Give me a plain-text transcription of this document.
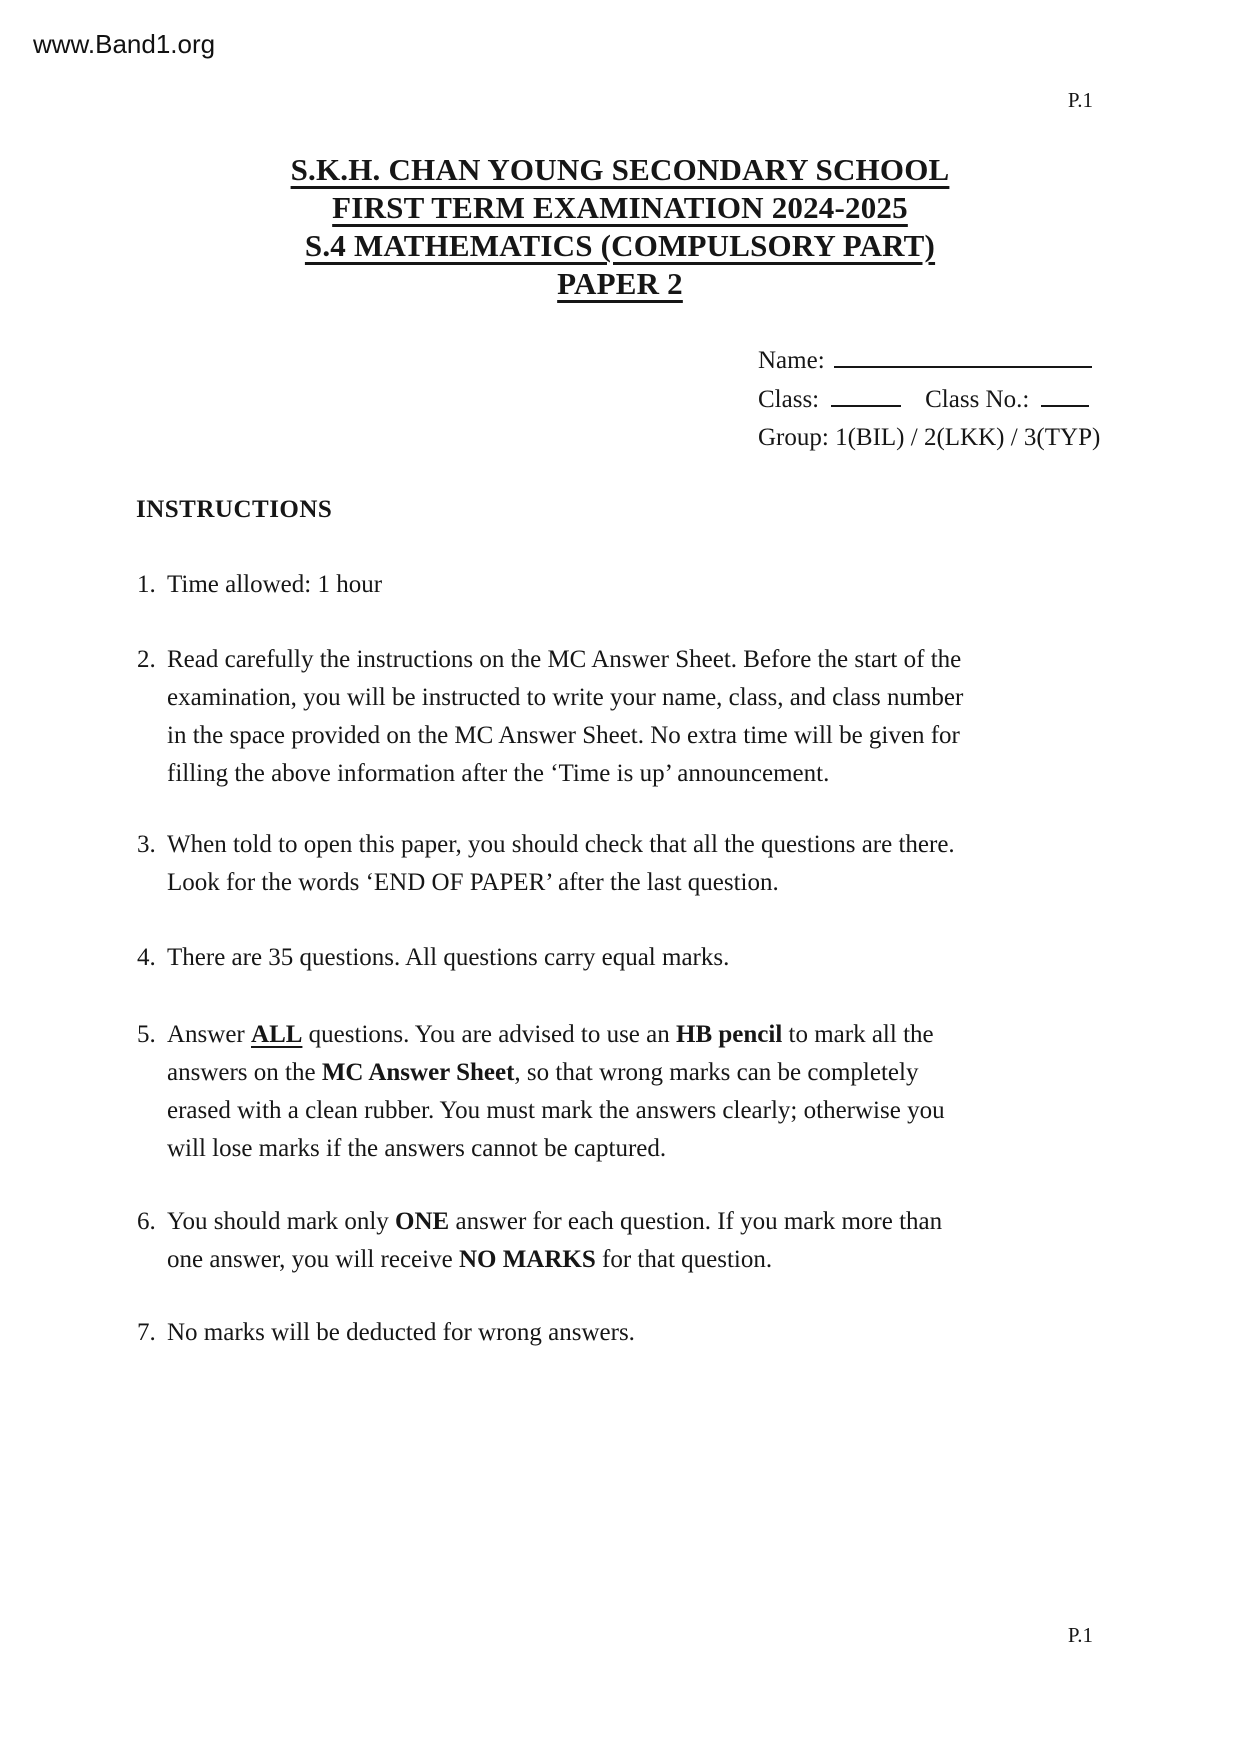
www.Band1.org
P.1
S.K.H. CHAN YOUNG SECONDARY SCHOOL
FIRST TERM EXAMINATION 2024-2025
S.4 MATHEMATICS (COMPULSORY PART)
PAPER 2
Name:
Class:	Class No.:
Group: 1(BIL) / 2(LKK) / 3(TYP)
INSTRUCTIONS
1. Time allowed: 1 hour
2. Read carefully the instructions on the MC Answer Sheet. Before the start of the examination, you will be instructed to write your name, class, and class number in the space provided on the MC Answer Sheet. No extra time will be given for filling the above information after the ‘Time is up’ announcement.
3. When told to open this paper, you should check that all the questions are there. Look for the words ‘END OF PAPER’ after the last question.
4. There are 35 questions. All questions carry equal marks.
5. Answer ALL questions. You are advised to use an HB pencil to mark all the answers on the MC Answer Sheet, so that wrong marks can be completely erased with a clean rubber. You must mark the answers clearly; otherwise you will lose marks if the answers cannot be captured.
6. You should mark only ONE answer for each question. If you mark more than one answer, you will receive NO MARKS for that question.
7. No marks will be deducted for wrong answers.
P.1
